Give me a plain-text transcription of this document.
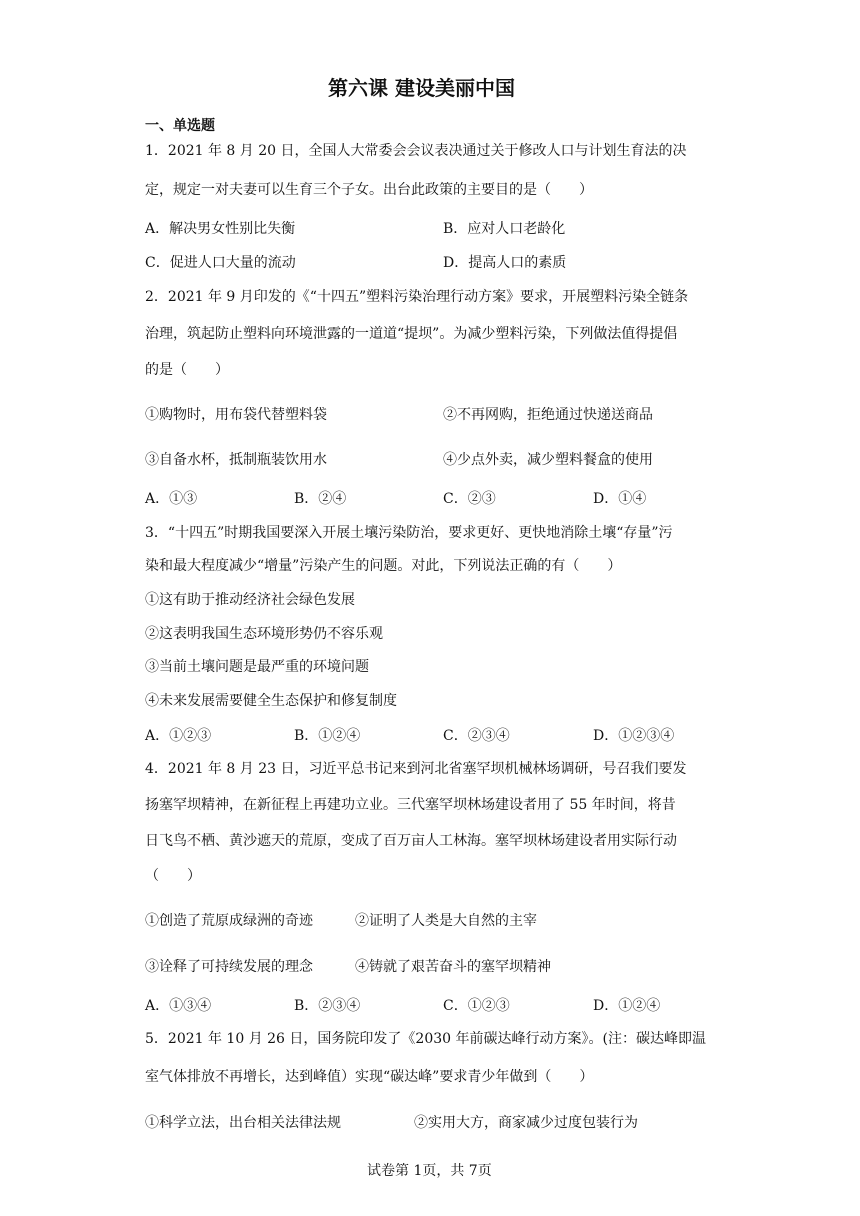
第六课 建设美丽中国
一、单选题
1．2021 年 8 月 20 日，全国人大常委会会议表决通过关于修改人口与计划生育法的决
定，规定一对夫妻可以生育三个子女。出台此政策的主要目的是（　　）
A．解决男女性别比失衡	B．应对人口老龄化
C．促进人口大量的流动	D．提高人口的素质
2．2021 年 9 月印发的《“十四五”塑料污染治理行动方案》要求，开展塑料污染全链条
治理，筑起防止塑料向环境泄露的一道道“提坝”。为减少塑料污染，下列做法值得提倡
的是（　　）
①购物时，用布袋代替塑料袋	②不再网购，拒绝通过快递送商品
③自备水杯，抵制瓶装饮用水	④少点外卖，减少塑料餐盒的使用
A．①③	B．②④	C．②③	D．①④
3．“十四五”时期我国要深入开展土壤污染防治，要求更好、更快地消除土壤“存量”污
染和最大程度减少“增量”污染产生的问题。对此，下列说法正确的有（　　）
①这有助于推动经济社会绿色发展
②这表明我国生态环境形势仍不容乐观
③当前土壤问题是最严重的环境问题
④未来发展需要健全生态保护和修复制度
A．①②③	B．①②④	C．②③④	D．①②③④
4．2021 年 8 月 23 日，习近平总书记来到河北省塞罕坝机械林场调研，号召我们要发
扬塞罕坝精神，在新征程上再建功立业。三代塞罕坝林场建设者用了 55 年时间，将昔
日飞鸟不栖、黄沙遮天的荒原，变成了百万亩人工林海。塞罕坝林场建设者用实际行动
（　　）
①创造了荒原成绿洲的奇迹	②证明了人类是大自然的主宰
③诠释了可持续发展的理念	④铸就了艰苦奋斗的塞罕坝精神
A．①③④	B．②③④	C．①②③	D．①②④
5．2021 年 10 月 26 日，国务院印发了《2030 年前碳达峰行动方案》。(注：碳达峰即温
室气体排放不再增长，达到峰值）实现“碳达峰”要求青少年做到（　　）
①科学立法，出台相关法律法规	②实用大方，商家减少过度包装行为
试卷第 1页，共 7页
